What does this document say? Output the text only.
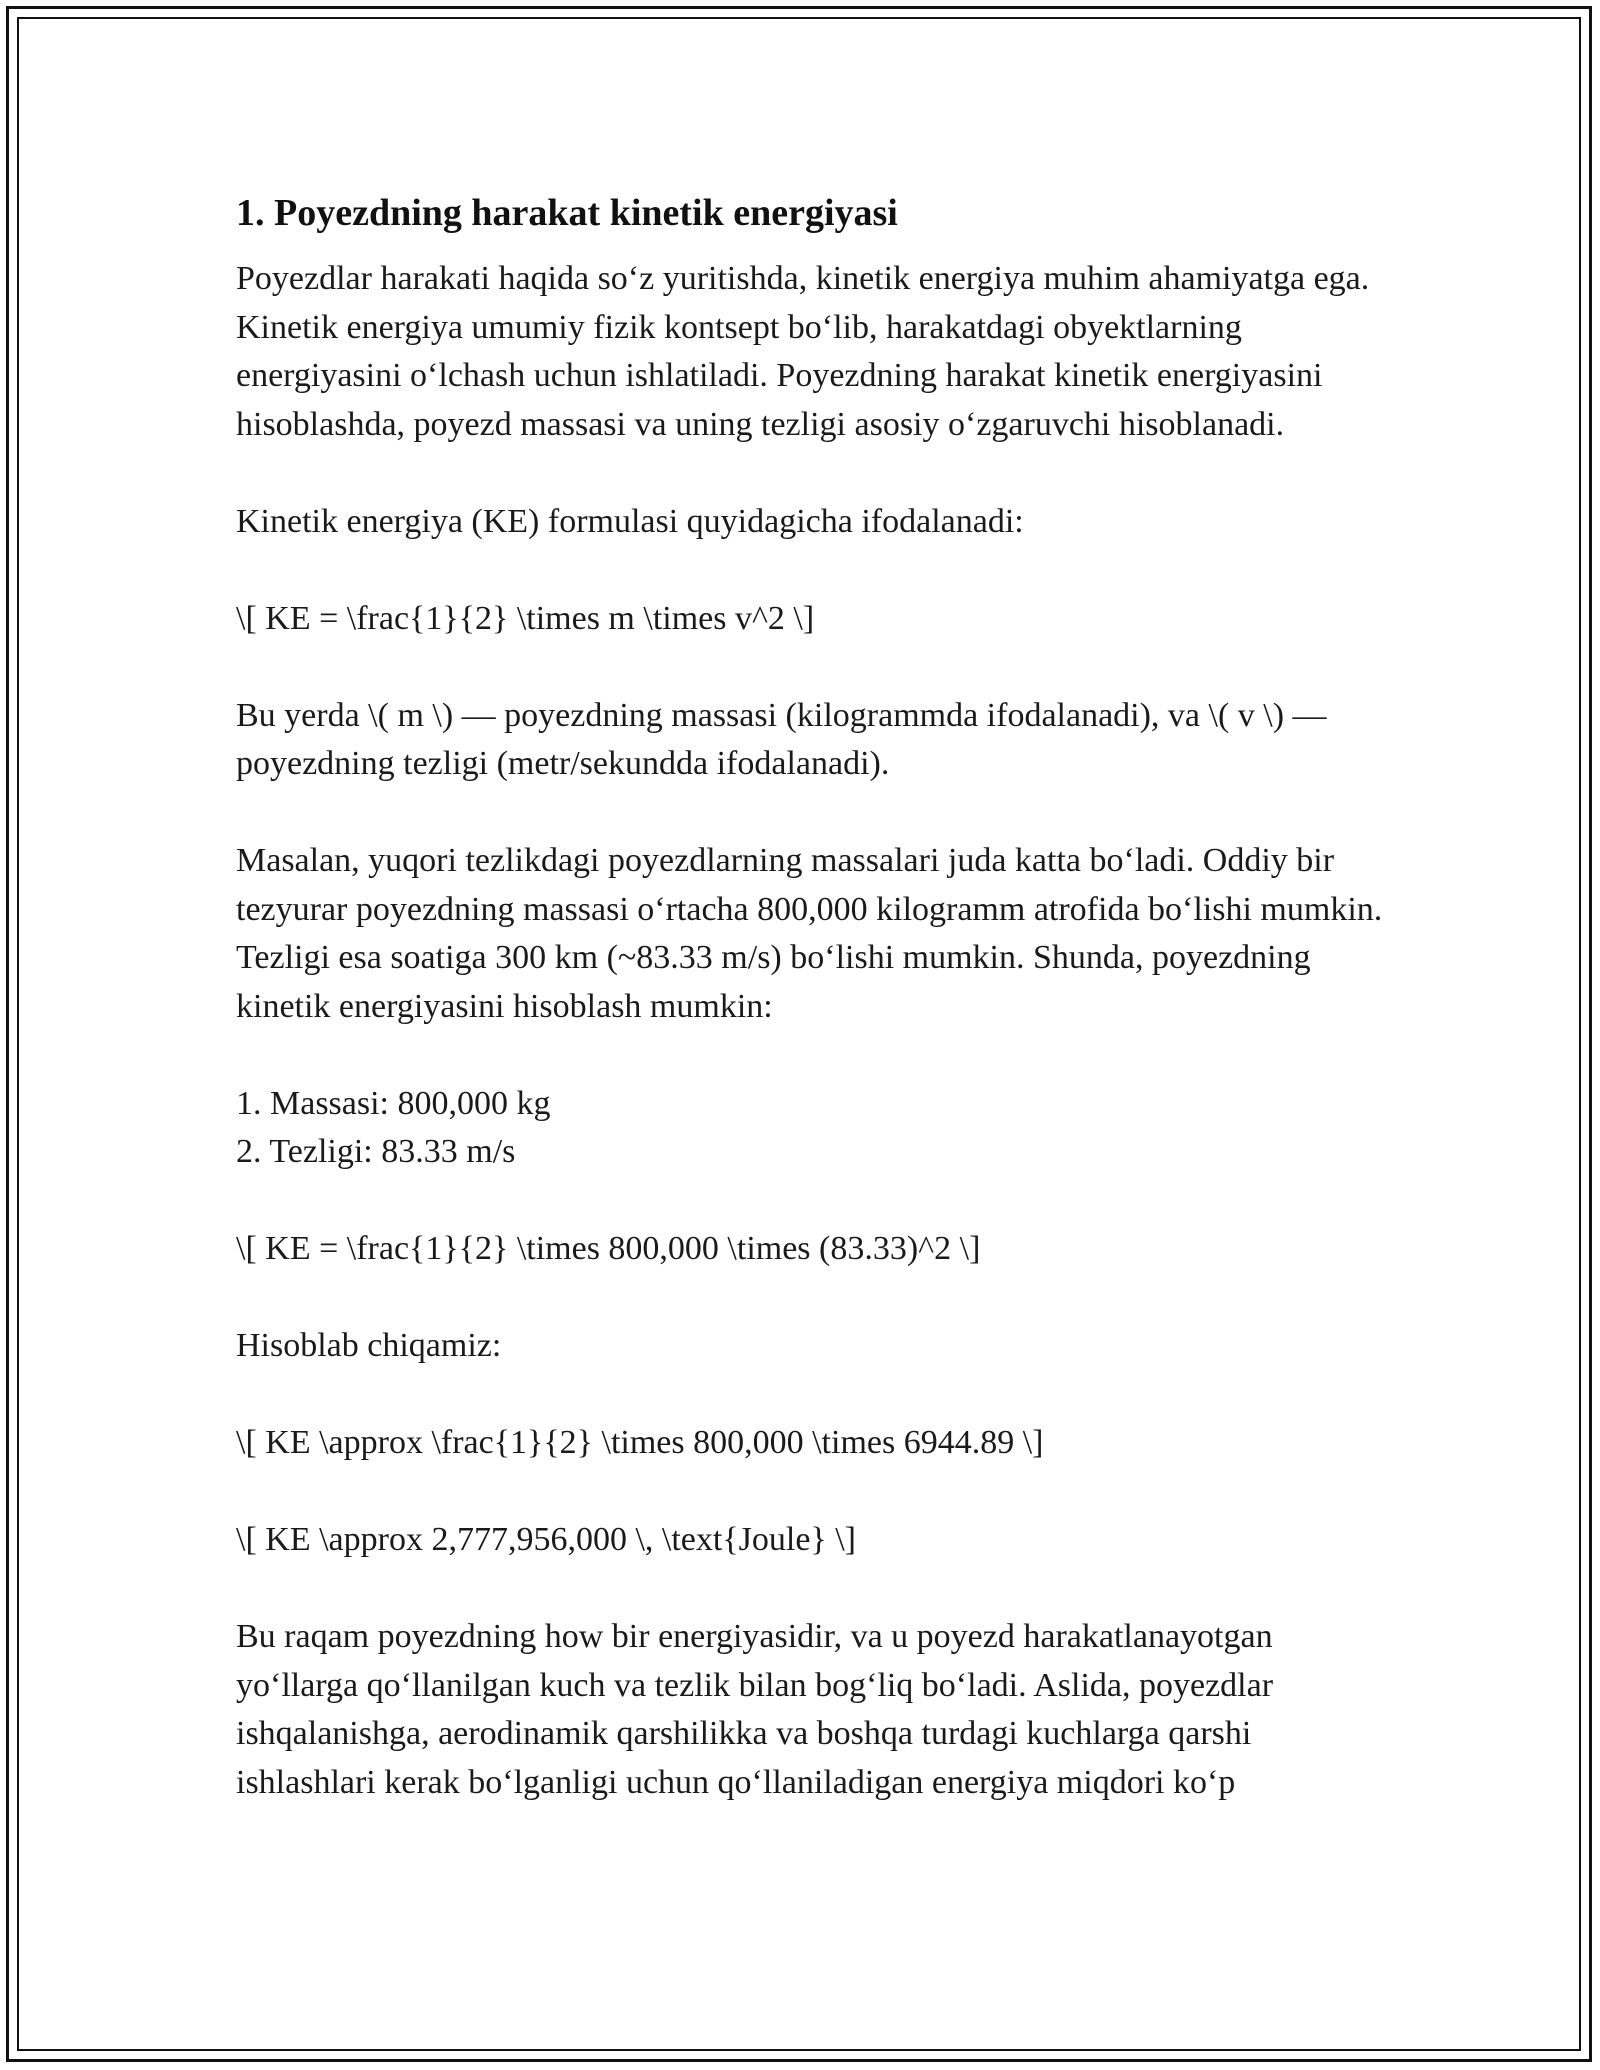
1. Poyezdning harakat kinetik energiyasi

Poyezdlar harakati haqida so‘z yuritishda, kinetik energiya muhim ahamiyatga ega. Kinetik energiya umumiy fizik kontsept bo‘lib, harakatdagi obyektlarning energiyasini o‘lchash uchun ishlatiladi. Poyezdning harakat kinetik energiyasini hisoblashda, poyezd massasi va uning tezligi asosiy o‘zgaruvchi hisoblanadi.

Kinetik energiya (KE) formulasi quyidagicha ifodalanadi:

\[ KE = \frac{1}{2} \times m \times v^2 \]

Bu yerda \( m \) — poyezdning massasi (kilogrammda ifodalanadi), va \( v \) — poyezdning tezligi (metr/sekundda ifodalanadi).

Masalan, yuqori tezlikdagi poyezdlarning massalari juda katta bo‘ladi. Oddiy bir tezyurar poyezdning massasi o‘rtacha 800,000 kilogramm atrofida bo‘lishi mumkin. Tezligi esa soatiga 300 km (~83.33 m/s) bo‘lishi mumkin. Shunda, poyezdning kinetik energiyasini hisoblash mumkin:

1. Massasi: 800,000 kg
2. Tezligi: 83.33 m/s

\[ KE = \frac{1}{2} \times 800,000 \times (83.33)^2 \]

Hisoblab chiqamiz:

\[ KE \approx \frac{1}{2} \times 800,000 \times 6944.89 \]

\[ KE \approx 2,777,956,000 \, \text{Joule} \]

Bu raqam poyezdning how bir energiyasidir, va u poyezd harakatlanayotgan yo‘llarga qo‘llanilgan kuch va tezlik bilan bog‘liq bo‘ladi. Aslida, poyezdlar ishqalanishga, aerodinamik qarshilikka va boshqa turdagi kuchlarga qarshi ishlashlari kerak bo‘lganligi uchun qo‘llaniladigan energiya miqdori ko‘p
